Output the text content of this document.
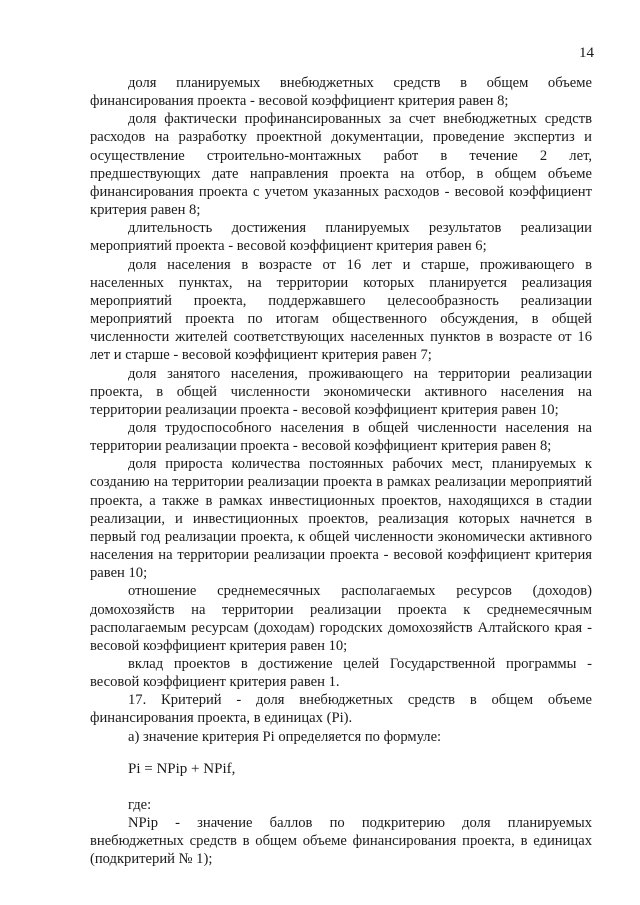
14

доля планируемых внебюджетных средств в общем объеме финансирования проекта - весовой коэффициент критерия равен 8;

доля фактически профинансированных за счет внебюджетных средств расходов на разработку проектной документации, проведение экспертиз и осуществление строительно-монтажных работ в течение 2 лет, предшествующих дате направления проекта на отбор, в общем объеме финансирования проекта с учетом указанных расходов - весовой коэффициент критерия равен 8;

длительность достижения планируемых результатов реализации мероприятий проекта - весовой коэффициент критерия равен 6;

доля населения в возрасте от 16 лет и старше, проживающего в населенных пунктах, на территории которых планируется реализация мероприятий проекта, поддержавшего целесообразность реализации мероприятий проекта по итогам общественного обсуждения, в общей численности жителей соответствующих населенных пунктов в возрасте от 16 лет и старше - весовой коэффициент критерия равен 7;

доля занятого населения, проживающего на территории реализации проекта, в общей численности экономически активного населения на территории реализации проекта - весовой коэффициент критерия равен 10;

доля трудоспособного населения в общей численности населения на территории реализации проекта - весовой коэффициент критерия равен 8;

доля прироста количества постоянных рабочих мест, планируемых к созданию на территории реализации проекта в рамках реализации мероприятий проекта, а также в рамках инвестиционных проектов, находящихся в стадии реализации, и инвестиционных проектов, реализация которых начнется в первый год реализации проекта, к общей численности экономически активного населения на территории реализации проекта - весовой коэффициент критерия равен 10;

отношение среднемесячных располагаемых ресурсов (доходов) домохозяйств на территории реализации проекта к среднемесячным располагаемым ресурсам (доходам) городских домохозяйств Алтайского края - весовой коэффициент критерия равен 10;

вклад проектов в достижение целей Государственной программы - весовой коэффициент критерия равен 1.

17. Критерий - доля внебюджетных средств в общем объеме финансирования проекта, в единицах (Pi).

а) значение критерия Pi определяется по формуле:

Pi = NPip + NPif,

где:

NPip - значение баллов по подкритерию доля планируемых внебюджетных средств в общем объеме финансирования проекта, в единицах (подкритерий № 1);
